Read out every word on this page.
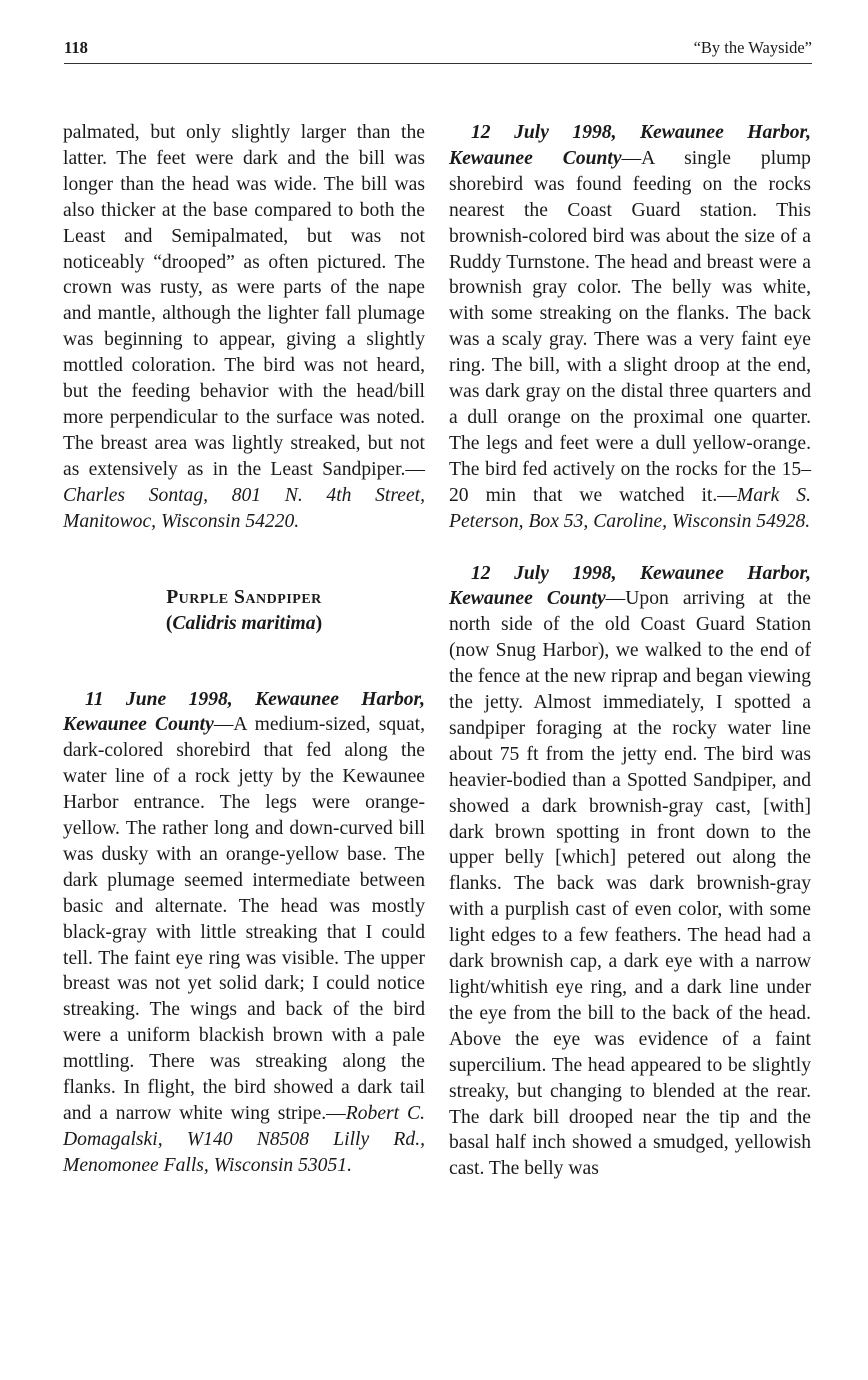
118	“By the Wayside”

palmated, but only slightly larger than the latter. The feet were dark and the bill was longer than the head was wide. The bill was also thicker at the base compared to both the Least and Semipalmated, but was not noticeably “drooped” as often pictured. The crown was rusty, as were parts of the nape and mantle, although the lighter fall plumage was beginning to appear, giving a slightly mottled coloration. The bird was not heard, but the feeding behavior with the head/bill more perpendicular to the surface was noted. The breast area was lightly streaked, but not as extensively as in the Least Sandpiper.—Charles Sontag, 801 N. 4th Street, Manitowoc, Wisconsin 54220.

Purple Sandpiper
(Calidris maritima)

11 June 1998, Kewaunee Harbor, Kewaunee County—A medium-sized, squat, dark-colored shorebird that fed along the water line of a rock jetty by the Kewaunee Harbor entrance. The legs were orange-yellow. The rather long and down-curved bill was dusky with an orange-yellow base. The dark plumage seemed intermediate between basic and alternate. The head was mostly black-gray with little streaking that I could tell. The faint eye ring was visible. The upper breast was not yet solid dark; I could notice streaking. The wings and back of the bird were a uniform blackish brown with a pale mottling. There was streaking along the flanks. In flight, the bird showed a dark tail and a narrow white wing stripe.—Robert C. Domagalski, W140 N8508 Lilly Rd., Menomonee Falls, Wisconsin 53051.

12 July 1998, Kewaunee Harbor, Kewaunee County—A single plump shorebird was found feeding on the rocks nearest the Coast Guard station. This brownish-colored bird was about the size of a Ruddy Turnstone. The head and breast were a brownish gray color. The belly was white, with some streaking on the flanks. The back was a scaly gray. There was a very faint eye ring. The bill, with a slight droop at the end, was dark gray on the distal three quarters and a dull orange on the proximal one quarter. The legs and feet were a dull yellow-orange. The bird fed actively on the rocks for the 15–20 min that we watched it.—Mark S. Peterson, Box 53, Caroline, Wisconsin 54928.

12 July 1998, Kewaunee Harbor, Kewaunee County—Upon arriving at the north side of the old Coast Guard Station (now Snug Harbor), we walked to the end of the fence at the new riprap and began viewing the jetty. Almost immediately, I spotted a sandpiper foraging at the rocky water line about 75 ft from the jetty end. The bird was heavier-bodied than a Spotted Sandpiper, and showed a dark brownish-gray cast, [with] dark brown spotting in front down to the upper belly [which] petered out along the flanks. The back was dark brownish-gray with a purplish cast of even color, with some light edges to a few feathers. The head had a dark brownish cap, a dark eye with a narrow light/whitish eye ring, and a dark line under the eye from the bill to the back of the head. Above the eye was evidence of a faint supercilium. The head appeared to be slightly streaky, but changing to blended at the rear. The dark bill drooped near the tip and the basal half inch showed a smudged, yellowish cast. The belly was
